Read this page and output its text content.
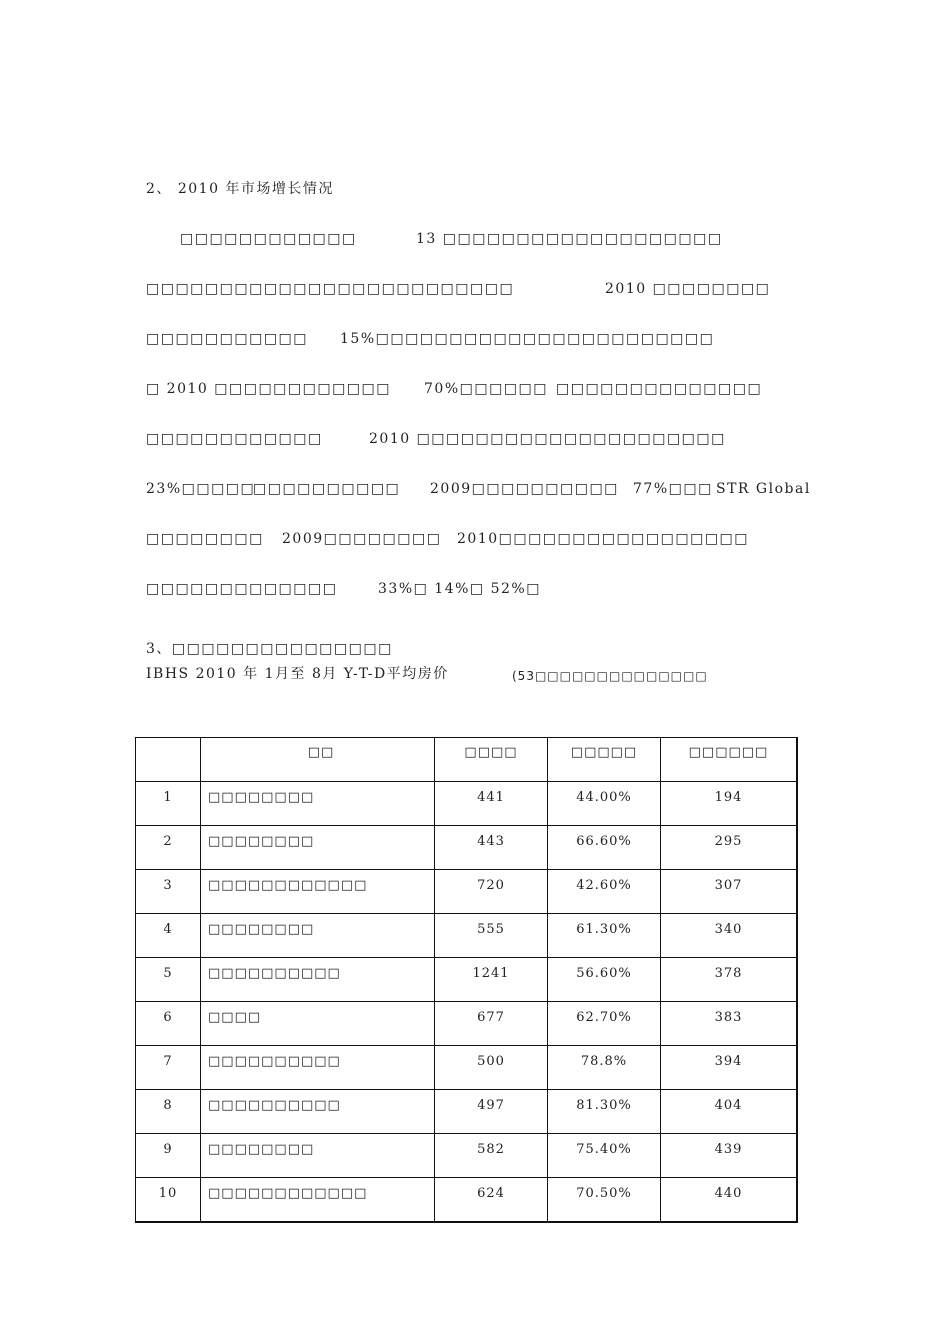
2、 2010 年市场增长情况
□□□□□□□□□□□□	13 □□□□□□□□□□□□□□□□□□□
□□□□□□□□□□□□□□□□□□□□□□□□□	2010 □□□□□□□□
□□□□□□□□□□□ 15%□□□□□□□□□□□□□□□□□□□□□□□
□ 2010 □□□□□□□□□□□□ 70%□□□□□□ □□□□□□□□□□□□□□
□□□□□□□□□□□□	2010 □□□□□□□□□□□□□□□□□□□□□
23%□□□□□
□□□□□□□□□□ 2009□□□□□□□□□□ 77%□□□ STR Global
□□□□□□□□ 2009□□□□□□□□ 2010□□□□□□□□□□□□□□□□□
□□□□□□□□□□□□□	33%□ 14%□ 52%□
3、□□□□□□□□□□□□□□□
IBHS 2010 年 1月至 8月 Y-T-D平均房价	(53□□□□□□□□□□□□□□
	□□	□□□□	□□□□□	□□□□□□
1	□□□□□□□□	441	44.00%	194
2	□□□□□□□□	443	66.60%	295
3	□□□□□□□□□□□□	720	42.60%	307
4	□□□□□□□□	555	61.30%	340
5	□□□□□□□□□□	1241	56.60%	378
6	□□□□	677	62.70%	383
7	□□□□□□□□□□	500	78.8%	394
8	□□□□□□□□□□	497	81.30%	404
9	□□□□□□□□	582	75.40%	439
10	□□□□□□□□□□□□	624	70.50%	440
